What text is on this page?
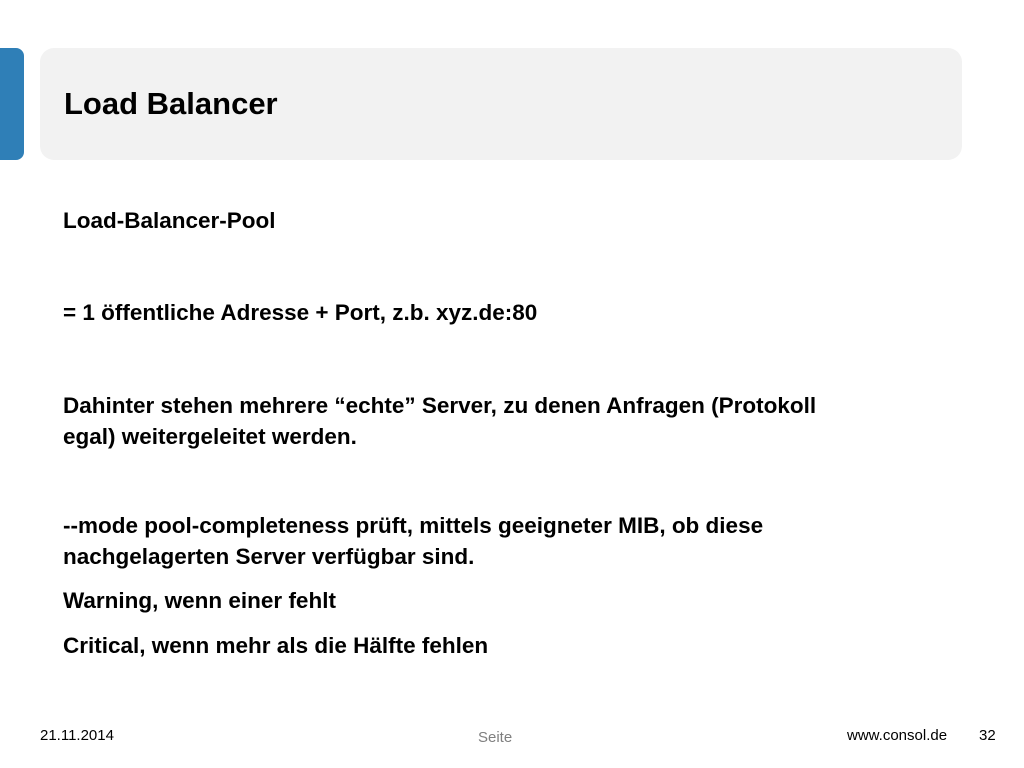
Load Balancer

Load-Balancer-Pool

= 1 öffentliche Adresse + Port, z.b. xyz.de:80

Dahinter stehen mehrere “echte” Server, zu denen Anfragen (Protokoll
egal) weitergeleitet werden.
--mode pool-completeness prüft, mittels geeigneter MIB, ob diese
nachgelagerten Server verfügbar sind.

Warning, wenn einer fehlt

Critical, wenn mehr als die Hälfte fehlen

21.11.2014	Seite	www.consol.de 32
